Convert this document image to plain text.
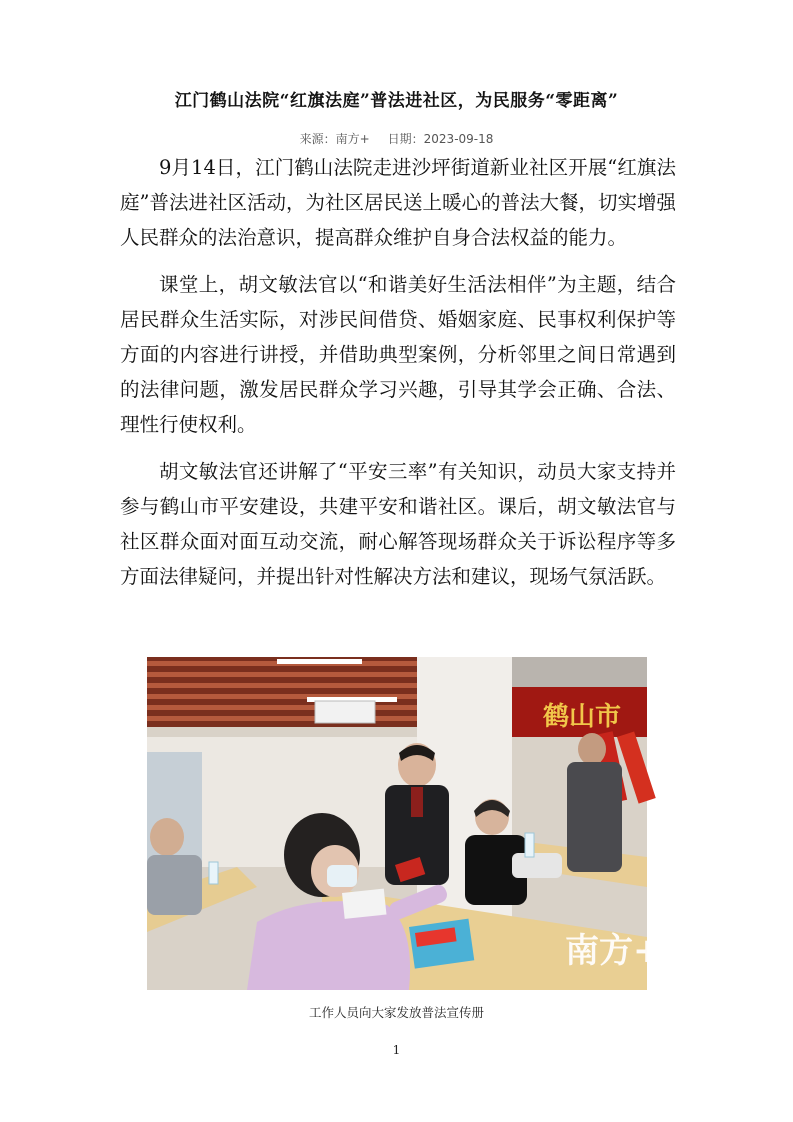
江门鹤山法院“红旗法庭”普法进社区，为民服务“零距离”
来源：南方+ 日期：2023-09-18

9月14日，江门鹤山法院走进沙坪街道新业社区开展“红旗法庭”普法进社区活动，为社区居民送上暖心的普法大餐，切实增强人民群众的法治意识，提高群众维护自身合法权益的能力。

课堂上，胡文敏法官以“和谐美好生活法相伴”为主题，结合居民群众生活实际，对涉民间借贷、婚姻家庭、民事权利保护等方面的内容进行讲授，并借助典型案例，分析邻里之间日常遇到的法律问题，激发居民群众学习兴趣，引导其学会正确、合法、理性行使权利。

胡文敏法官还讲解了“平安三率”有关知识，动员大家支持并参与鹤山市平安建设，共建平安和谐社区。课后，胡文敏法官与社区群众面对面互动交流，耐心解答现场群众关于诉讼程序等多方面法律疑问，并提出针对性解决方法和建议，现场气氛活跃。

鹤山市
南方+
工作人员向大家发放普法宣传册
1
